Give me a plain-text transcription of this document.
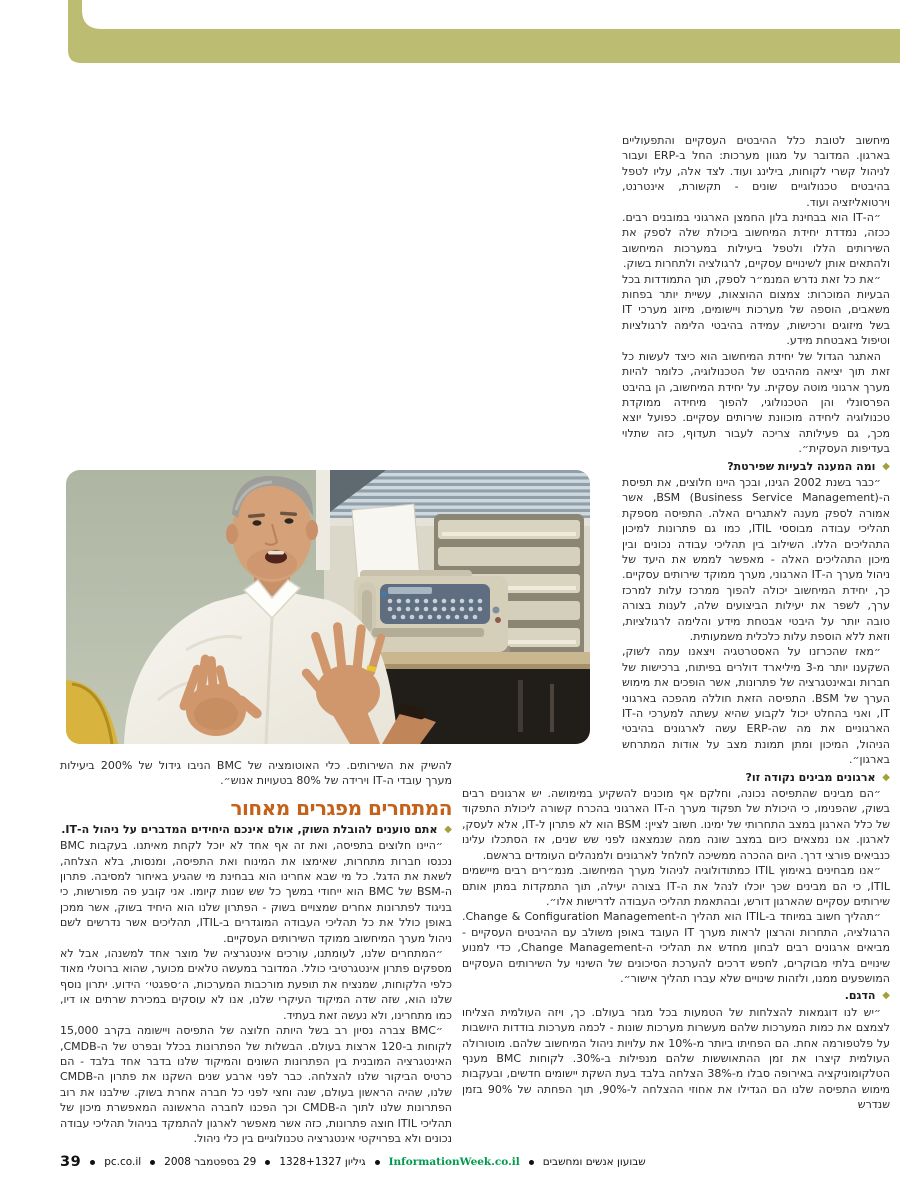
מיחשוב לטובת כלל ההיבטים העסקיים והתפעוליים בארגון. המדובר על מגוון מערכות: החל ב-ERP ועבור לניהול קשרי לקוחות, בילינג ועוד. לצד אלה, עליו לטפל בהיבטים טכנולוגיים שונים - תקשורת, אינטרנט, וירטואליזציה ועוד.

״ה-IT הוא בבחינת בלון החמצן הארגוני במובנים רבים. ככזה, נמדדת יחידת המיחשוב ביכולת שלה לספק את השירותים הללו ולטפל ביעילות במערכות המיחשוב ולהתאים אותן לשינויים עסקיים, לרגולציה ולתחרות בשוק.

״את כל זאת נדרש המנמ״ר לספק, תוך התמודדות בכל הבעיות המוכרות: צמצום ההוצאות, עשיית יותר בפחות משאבים, הוספה של מערכות ויישומים, מיזוג מערכי IT בשל מיזוגים ורכישות, עמידה בהיבטי הלימה לרגולציות וטיפול באבטחת מידע.

האתגר הגדול של יחידת המיחשוב הוא כיצד לעשות כל זאת תוך יציאה מההיבט של הטכנולוגיה, כלומר להיות מערך ארגוני מוטה עסקית. על יחידת המיחשוב, הן בהיבט הפרסונלי והן הטכנולוגי, להפוך מיחידה ממוקדת טכנולוגיה ליחידה מוכוונת שירותים עסקיים. כפועל יוצא מכך, גם פעילותה צריכה לעבור תעדוף, כזה שתלוי בעדיפות העסקית״.

◆ ומה המענה לבעיות שפירטת?

״כבר בשנת 2002 הגינו, ובכך היינו חלוצים, את תפיסת ה-BSM (Business Service Management), אשר אמורה לספק מענה לאתגרים האלה. התפיסה מספקת תהליכי עבודה מבוססי ITIL, כמו גם פתרונות למיכון התהליכים הללו. השילוב בין תהליכי עבודה נכונים ובין מיכון התהליכים האלה - מאפשר לממש את היעד של ניהול מערך ה-IT הארגוני, מערך ממוקד שירותים עסקיים. כך, יחידת המיחשוב יכולה להפוך ממרכז עלות למרכז ערך, לשפר את יעילות הביצועים שלה, לענות בצורה טובה יותר על היבטי אבטחת מידע והלימה לרגולציות, וזאת ללא הוספת עלות כלכלית משמעותית.

״מאז שהכרזנו על האסטרטגיה ויצאנו עמה לשוק, השקענו יותר מ-3 מיליארד דולרים בפיתוח, ברכישות של חברות ובאינטגרציה של פתרונות, אשר הופכים את מימוש הערך של BSM. התפיסה הזאת חוללה מהפכה בארגוני IT, ואני בהחלט יכול לקבוע שהיא עשתה למערכי ה-IT הארגוניים את מה שה-ERP עשה לארגונים בהיבטי הניהול, המיכון ומתן תמונת מצב על אודות המתרחש בארגון״.

◆ ארגונים מבינים נקודה זו?

״הם מבינים שהתפיסה נכונה, וחלקם אף מוכנים להשקיע במימושה. יש ארגונים רבים בשוק, שהפנימו, כי היכולת של תפקוד מערך ה-IT הארגוני בהכרח קשורה ליכולת התפקוד של כלל הארגון במצב התחרותי של ימינו. חשוב לציין: BSM הוא לא פתרון ל-IT, אלא לעסק, לארגון. אנו נמצאים כיום במצב שונה ממה שנמצאנו לפני שש שנים, אז הסתכלו עלינו כנביאים פורצי דרך. היום ההכרה ממשיכה לחלחל לארגונים ולמנהלים העומדים בראשם.

״אנו מבחינים באימוץ ITIL כמתודולוגיה לניהול מערך המיחשוב. מנמ״רים רבים מיישמים ITIL, כי הם מבינים שכך יוכלו לנהל את ה-IT בצורה יעילה, תוך התמקדות במתן אותם שירותים עסקיים שהארגון דורש, ובהתאמת תהליכי העבודה לדרישות אלו״.

״תהליך חשוב במיוחד ב-ITIL הוא תהליך ה-Change & Configuration Management. הרגולציה, התחרות והרצון לראות מערך IT העובד באופן משולב עם ההיבטים העסקיים - מביאים ארגונים רבים לבחון מחדש את תהליכי ה-Change Management, כדי למנוע שינויים בלתי מבוקרים, לחפש דרכים להערכת הסיכונים של השינוי על השירותים העסקיים המושפעים ממנו, ולזהות שינויים שלא עברו תהליך אישור״.

◆ הדגם.

״יש לנו דוגמאות להצלחות של הטמעות בכל מגזר בעולם. כך, ויזה העולמית הצליחו לצמצם את כמות המערכות שלהם מעשרות מערכות שונות - לכמה מערכות בודדות היושבות על פלטפורמה אחת. הם הפחיתו ביותר מ-10% את עלויות ניהול המיחשוב שלהם. מוטורולה העולמית קיצרו את זמן ההתאוששות שלהם מנפילות ב-30%. לקוחות BMC מענף הטלקומוניקציה באירופה סבלו מ-38% הצלחה בלבד בעת השקת יישומים חדשים, ובעקבות מימוש התפיסה שלנו הם הגדילו את אחוזי ההצלחה ל-90%, תוך הפחתה של 90% בזמן שנדרש

להשיק את השירותים. כלי האוטומציה של BMC הניבו גידול של 200% ביעילות מערך עובדי ה-IT וירידה של 80% בטעויות אנוש״.

המתחרים מפגרים מאחור

◆ אתם טוענים להובלת השוק, אולם אינכם היחידים המדברים על ניהול ה-IT.

״היינו חלוצים בתפיסה, ואת זה אף אחד לא יוכל לקחת מאיתנו. בעקבות BMC נכנסו חברות מתחרות, שאימצו את המינוח ואת התפיסה, ומנסות, בלא הצלחה, לשאת את הדגל. כל מי שבא אחרינו הוא בבחינת מי שהגיע באיחור למסיבה. פתרון ה-BSM של BMC הוא ייחודי במשך כל שש שנות קיומו. אני קובע פה מפורשות, כי בניגוד לפתרונות אחרים שמצויים בשוק - הפתרון שלנו הוא היחיד בשוק, אשר ממכן באופן כולל את כל תהליכי העבודה המוגדרים ב-ITIL, תהליכים אשר נדרשים לשם ניהול מערך המיחשוב ממוקד השירותים העסקיים.

״המתחרים שלנו, לעומתנו, עורכים אינטגרציה של מוצר אחד למשנהו, אבל לא מספקים פתרון אינטגרטיבי כולל. המדובר במעשה טלאים מכוער, שהוא ברוטלי מאוד כלפי הלקוחות, שמנציח את תופעת מורכבות המערכות, ה׳ספגטי׳ הידוע. יתרון נוסף שלנו הוא, שזה שדה המיקוד העיקרי שלנו, אנו לא עוסקים במכירת שרתים או דיו, כמו מתחרינו, ולא נעשה זאת בעתיד.

״BMC צברה נסיון רב בשל היותה חלוצה של התפיסה ויישומה בקרב 15,000 לקוחות ב-120 ארצות בעולם. הבשלות של הפתרונות בכלל ובפרט של ה-CMDB, האינטגרציה המובנית בין הפתרונות השונים והמיקוד שלנו בדבר אחד בלבד - הם כרטיס הביקור שלנו להצלחה. כבר לפני ארבע שנים השקנו את פתרון ה-CMDB שלנו, שהיה הראשון בעולם, שנה וחצי לפני כל חברה אחרת בשוק. שילבנו את רוב הפתרונות שלנו לתוך ה-CMDB וכך הפכנו לחברה הראשונה המאפשרת מיכון של תהליכי ITIL חוצה פתרונות, כזה אשר מאפשר לארגון להתמקד בניהול תהליכי עבודה נכונים ולא בפרויקטי אינטגרציה טכנולוגיים בין כלי ניהול.

39 pc.co.il 29 בספטמבר 2008 גיליון 1328+1327 InformationWeek.co.il שבועון אנשים ומחשבים
